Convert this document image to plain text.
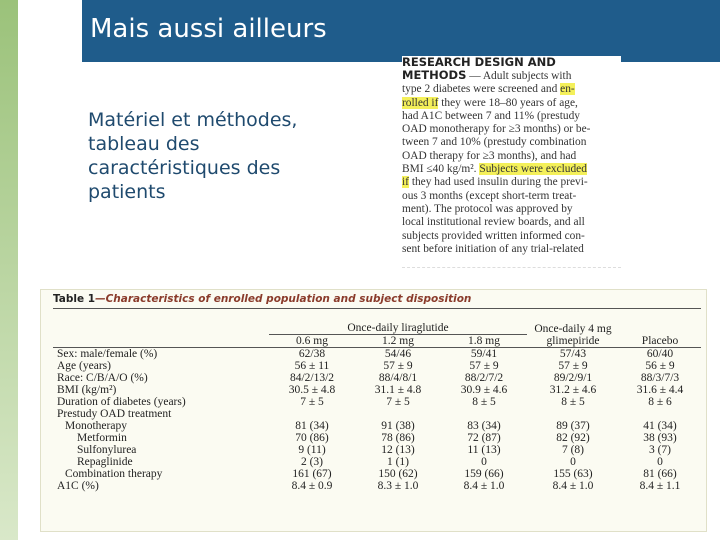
Mais aussi ailleurs
Matériel et méthodes,
tableau des
caractéristiques des
patients
RESEARCH DESIGN AND
METHODS — Adult subjects with
type 2 diabetes were screened and en-
rolled if they were 18–80 years of age,
had A1C between 7 and 11% (prestudy
OAD monotherapy for ≥3 months) or be-
tween 7 and 10% (prestudy combination
OAD therapy for ≥3 months), and had
BMI ≤40 kg/m². Subjects were excluded
if they had used insulin during the previ-
ous 3 months (except short-term treat-
ment). The protocol was approved by
local institutional review boards, and all
subjects provided written informed con-
sent before initiation of any trial-related
Table 1—Characteristics of enrolled population and subject disposition
	Once-daily liraglutide			Once-daily 4 mg	
	0.6 mg	1.2 mg	1.8 mg	glimepiride	Placebo
Sex: male/female (%)	62/38	54/46	59/41	57/43	60/40
Age (years)	56 ± 11	57 ± 9	57 ± 9	57 ± 9	56 ± 9
Race: C/B/A/O (%)	84/2/13/2	88/4/8/1	88/2/7/2	89/2/9/1	88/3/7/3
BMI (kg/m²)	30.5 ± 4.8	31.1 ± 4.8	30.9 ± 4.6	31.2 ± 4.6	31.6 ± 4.4
Duration of diabetes (years)	7 ± 5	7 ± 5	8 ± 5	8 ± 5	8 ± 6
Prestudy OAD treatment					
Monotherapy	81 (34)	91 (38)	83 (34)	89 (37)	41 (34)
Metformin	70 (86)	78 (86)	72 (87)	82 (92)	38 (93)
Sulfonylurea	9 (11)	12 (13)	11 (13)	7 (8)	3 (7)
Repaglinide	2 (3)	1 (1)	0	0	0
Combination therapy	161 (67)	150 (62)	159 (66)	155 (63)	81 (66)
A1C (%)	8.4 ± 0.9	8.3 ± 1.0	8.4 ± 1.0	8.4 ± 1.0	8.4 ± 1.1
